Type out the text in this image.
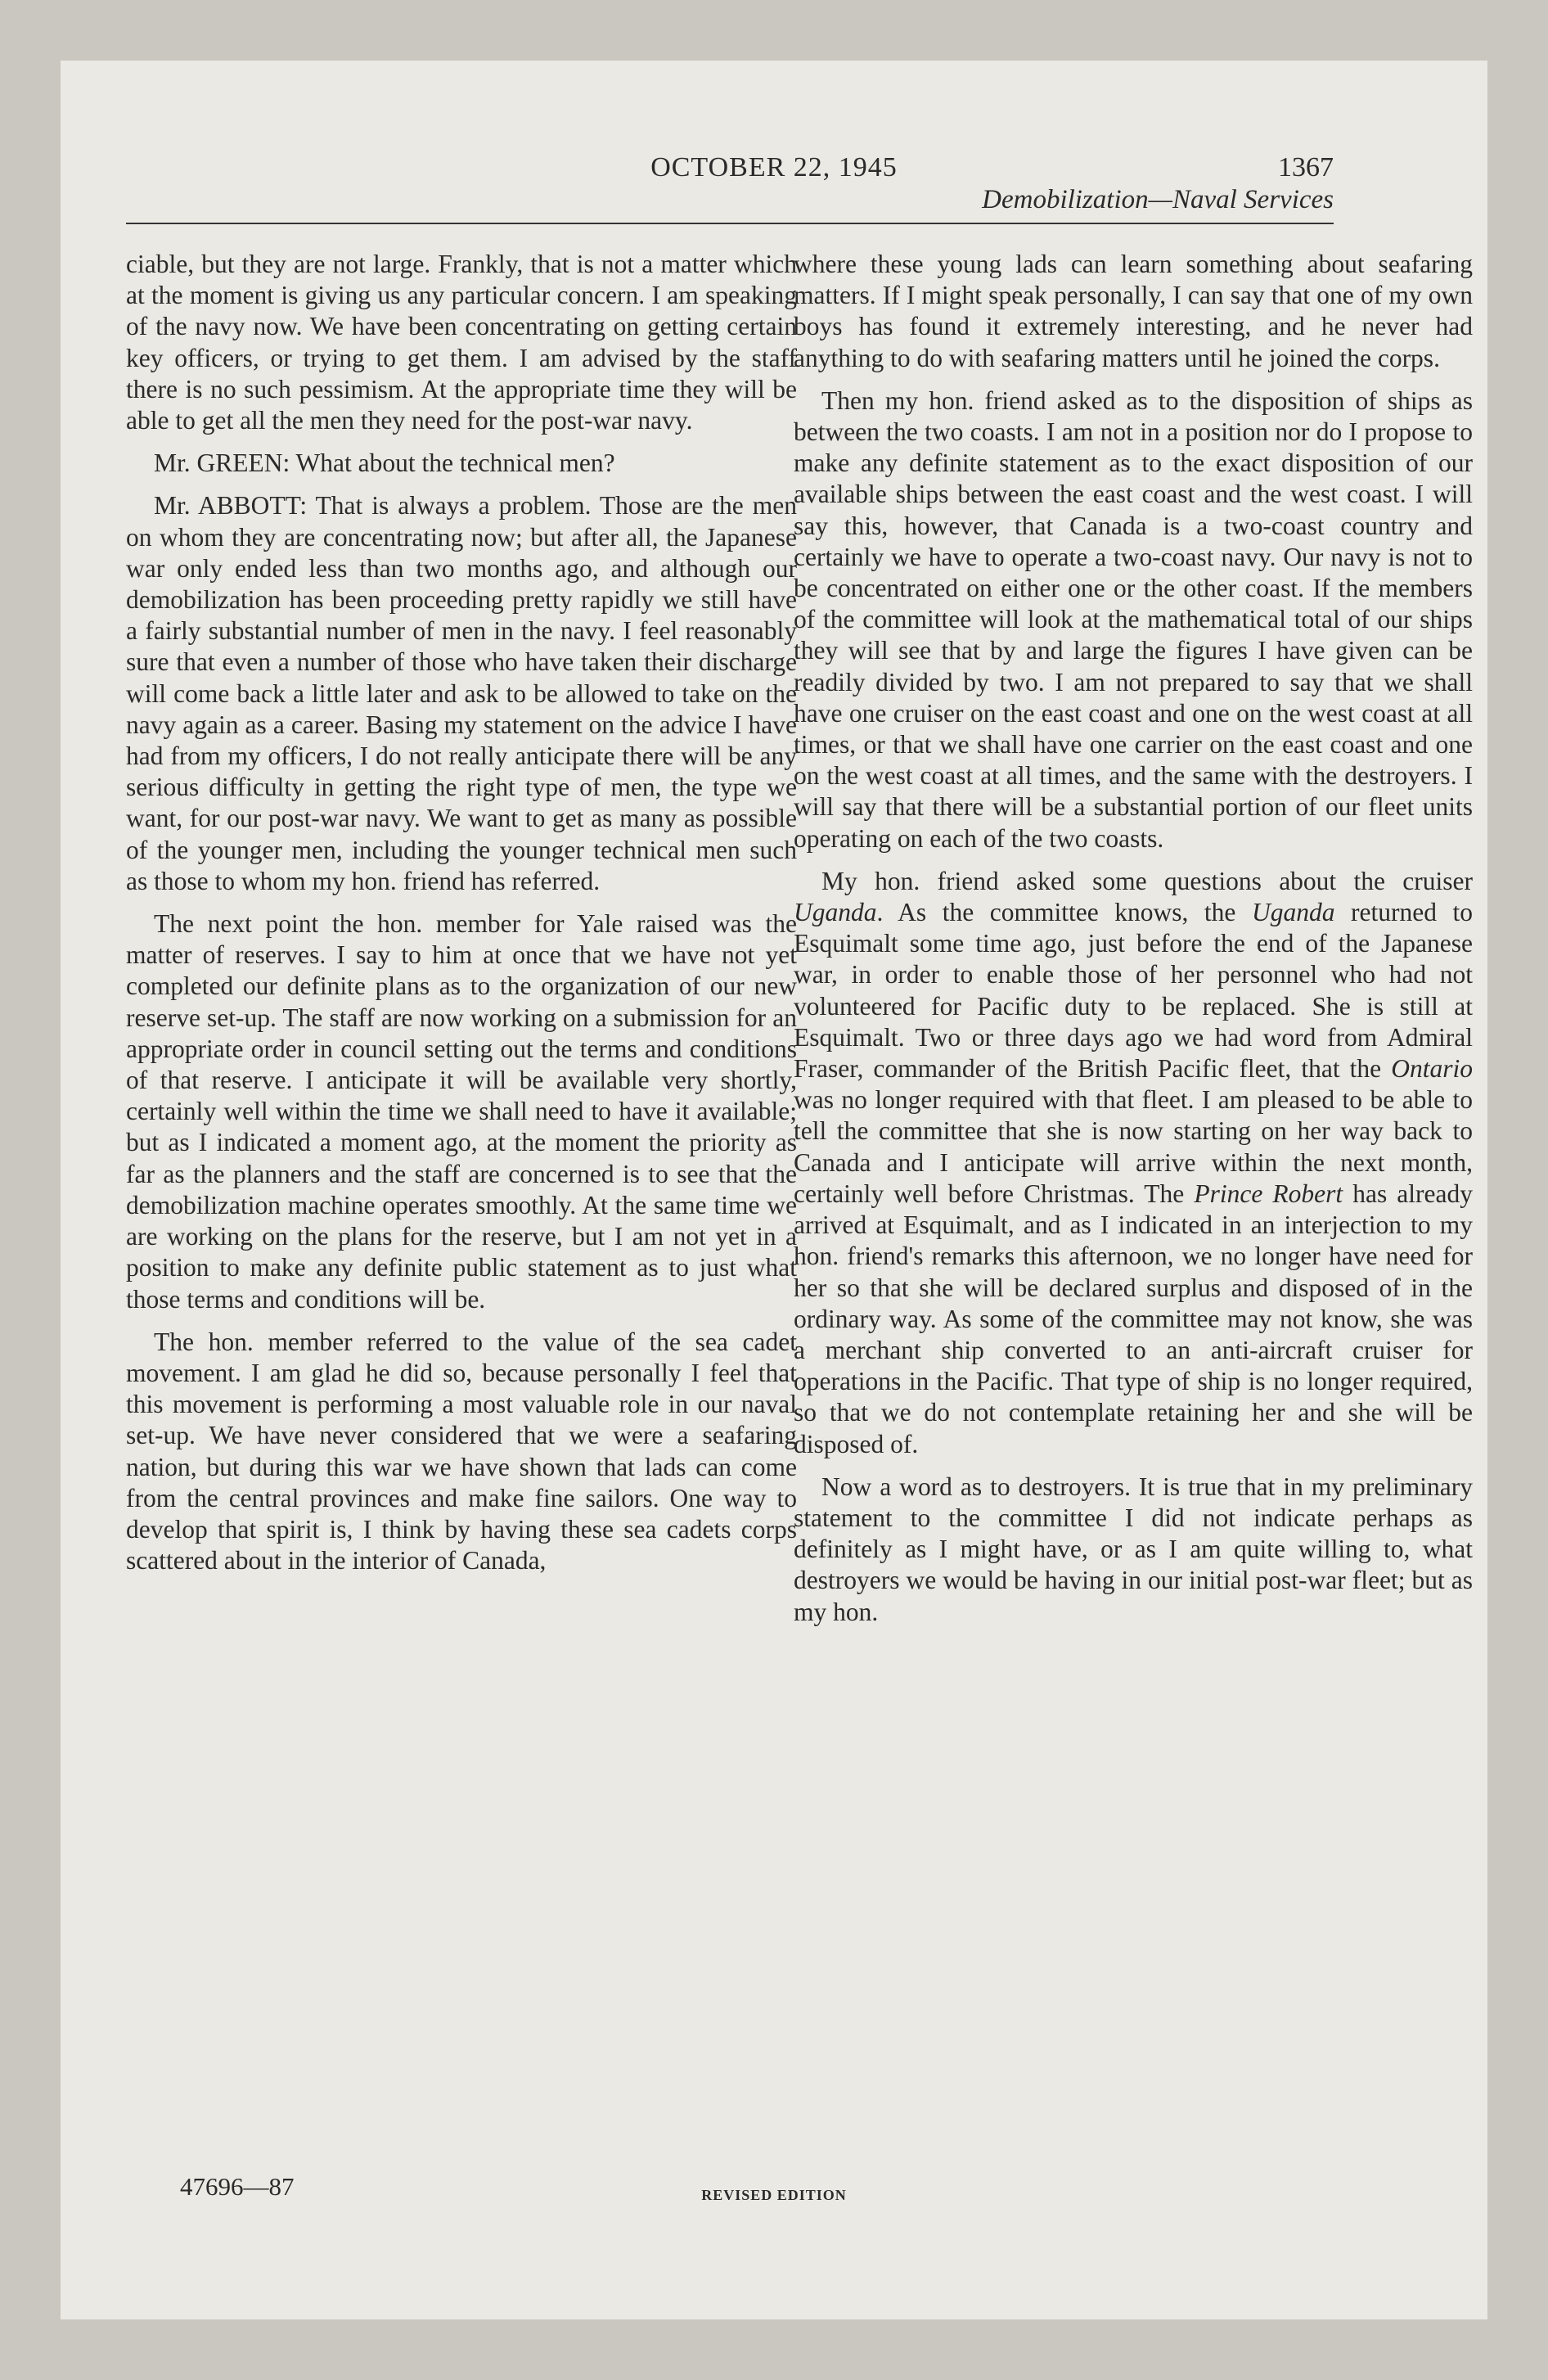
OCTOBER 22, 1945	1367
Demobilization—Naval Services

ciable, but they are not large. Frankly, that is not a matter which at the moment is giving us any particular concern. I am speaking of the navy now. We have been concentrating on getting certain key officers, or trying to get them. I am advised by the staff there is no such pessimism. At the appropriate time they will be able to get all the men they need for the post-war navy.

Mr. GREEN: What about the technical men?

Mr. ABBOTT: That is always a problem. Those are the men on whom they are concentrating now; but after all, the Japanese war only ended less than two months ago, and although our demobilization has been proceeding pretty rapidly we still have a fairly substantial number of men in the navy. I feel reasonably sure that even a number of those who have taken their discharge will come back a little later and ask to be allowed to take on the navy again as a career. Basing my statement on the advice I have had from my officers, I do not really anticipate there will be any serious difficulty in getting the right type of men, the type we want, for our post-war navy. We want to get as many as possible of the younger men, including the younger technical men such as those to whom my hon. friend has referred.

The next point the hon. member for Yale raised was the matter of reserves. I say to him at once that we have not yet completed our definite plans as to the organization of our new reserve set-up. The staff are now working on a submission for an appropriate order in council setting out the terms and conditions of that reserve. I anticipate it will be available very shortly, certainly well within the time we shall need to have it available; but as I indicated a moment ago, at the moment the priority as far as the planners and the staff are concerned is to see that the demobilization machine operates smoothly. At the same time we are working on the plans for the reserve, but I am not yet in a position to make any definite public statement as to just what those terms and conditions will be.

The hon. member referred to the value of the sea cadet movement. I am glad he did so, because personally I feel that this movement is performing a most valuable role in our naval set-up. We have never considered that we were a seafaring nation, but during this war we have shown that lads can come from the central provinces and make fine sailors. One way to develop that spirit is, I think by having these sea cadets corps scattered about in the interior of Canada,

where these young lads can learn something about seafaring matters. If I might speak personally, I can say that one of my own boys has found it extremely interesting, and he never had anything to do with seafaring matters until he joined the corps.

Then my hon. friend asked as to the disposition of ships as between the two coasts. I am not in a position nor do I propose to make any definite statement as to the exact disposition of our available ships between the east coast and the west coast. I will say this, however, that Canada is a two-coast country and certainly we have to operate a two-coast navy. Our navy is not to be concentrated on either one or the other coast. If the members of the committee will look at the mathematical total of our ships they will see that by and large the figures I have given can be readily divided by two. I am not prepared to say that we shall have one cruiser on the east coast and one on the west coast at all times, or that we shall have one carrier on the east coast and one on the west coast at all times, and the same with the destroyers. I will say that there will be a substantial portion of our fleet units operating on each of the two coasts.

My hon. friend asked some questions about the cruiser Uganda. As the committee knows, the Uganda returned to Esquimalt some time ago, just before the end of the Japanese war, in order to enable those of her personnel who had not volunteered for Pacific duty to be replaced. She is still at Esquimalt. Two or three days ago we had word from Admiral Fraser, commander of the British Pacific fleet, that the Ontario was no longer required with that fleet. I am pleased to be able to tell the committee that she is now starting on her way back to Canada and I anticipate will arrive within the next month, certainly well before Christmas. The Prince Robert has already arrived at Esquimalt, and as I indicated in an interjection to my hon. friend's remarks this afternoon, we no longer have need for her so that she will be declared surplus and disposed of in the ordinary way. As some of the committee may not know, she was a merchant ship converted to an anti-aircraft cruiser for operations in the Pacific. That type of ship is no longer required, so that we do not contemplate retaining her and she will be disposed of.

Now a word as to destroyers. It is true that in my preliminary statement to the committee I did not indicate perhaps as definitely as I might have, or as I am quite willing to, what destroyers we would be having in our initial post-war fleet; but as my hon.

47696—87	REVISED EDITION
